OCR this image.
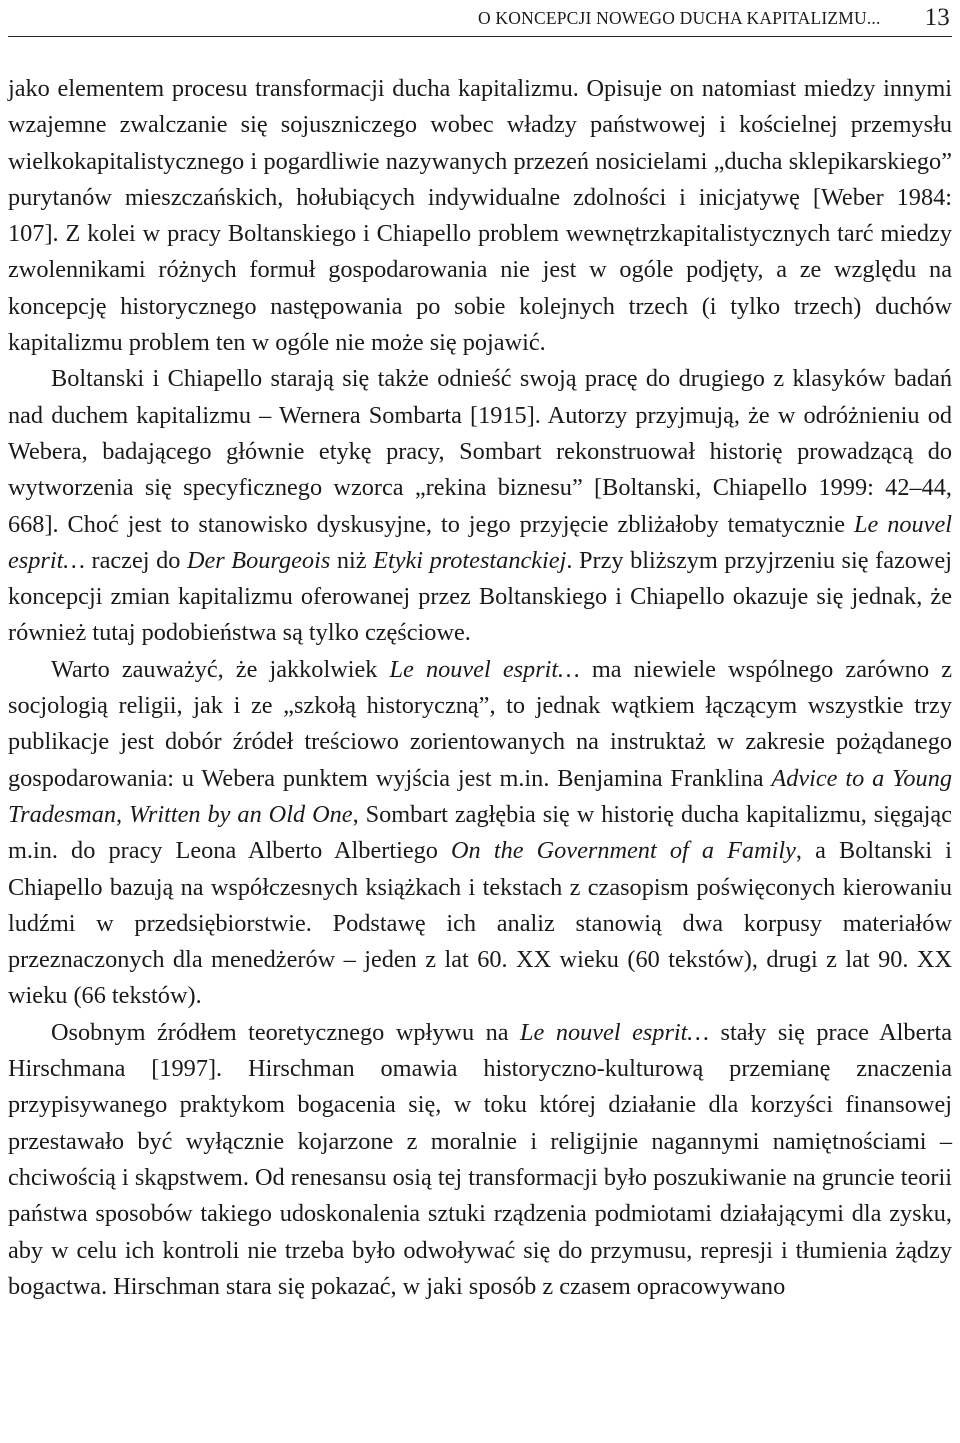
O KONCEPCJI NOWEGO DUCHA KAPITALIZMU... 13

jako elementem procesu transformacji ducha kapitalizmu. Opisuje on natomiast miedzy innymi wzajemne zwalczanie się sojuszniczego wobec władzy państwowej i kościelnej przemysłu wielkokapitalistycznego i pogardliwie nazywanych przezeń nosicielami „ducha sklepikarskiego” purytanów mieszczańskich, hołubiących indywidualne zdolności i inicjatywę [Weber 1984: 107]. Z kolei w pracy Boltanskiego i Chiapello problem wewnętrzkapitalistycznych tarć miedzy zwolennikami różnych formuł gospodarowania nie jest w ogóle podjęty, a ze względu na koncepcję historycznego następowania po sobie kolejnych trzech (i tylko trzech) duchów kapitalizmu problem ten w ogóle nie może się pojawić.

Boltanski i Chiapello starają się także odnieść swoją pracę do drugiego z klasyków badań nad duchem kapitalizmu – Wernera Sombarta [1915]. Autorzy przyjmują, że w odróżnieniu od Webera, badającego głównie etykę pracy, Sombart rekonstruował historię prowadzącą do wytworzenia się specyficznego wzorca „rekina biznesu” [Boltanski, Chiapello 1999: 42–44, 668]. Choć jest to stanowisko dyskusyjne, to jego przyjęcie zbliżałoby tematycznie Le nouvel esprit… raczej do Der Bourgeois niż Etyki protestanckiej. Przy bliższym przyjrzeniu się fazowej koncepcji zmian kapitalizmu oferowanej przez Boltanskiego i Chiapello okazuje się jednak, że również tutaj podobieństwa są tylko częściowe.

Warto zauważyć, że jakkolwiek Le nouvel esprit… ma niewiele wspólnego zarówno z socjologią religii, jak i ze „szkołą historyczną”, to jednak wątkiem łączącym wszystkie trzy publikacje jest dobór źródeł treściowo zorientowanych na instruktaż w zakresie pożądanego gospodarowania: u Webera punktem wyjścia jest m.in. Benjamina Franklina Advice to a Young Tradesman, Written by an Old One, Sombart zagłębia się w historię ducha kapitalizmu, sięgając m.in. do pracy Leona Alberto Albertiego On the Government of a Family, a Boltanski i Chiapello bazują na współczesnych książkach i tekstach z czasopism poświęconych kierowaniu ludźmi w przedsiębiorstwie. Podstawę ich analiz stanowią dwa korpusy materiałów przeznaczonych dla menedżerów – jeden z lat 60. XX wieku (60 tekstów), drugi z lat 90. XX wieku (66 tekstów).

Osobnym źródłem teoretycznego wpływu na Le nouvel esprit… stały się prace Alberta Hirschmana [1997]. Hirschman omawia historyczno-kulturową przemianę znaczenia przypisywanego praktykom bogacenia się, w toku której działanie dla korzyści finansowej przestawało być wyłącznie kojarzone z moralnie i religijnie nagannymi namiętnościami – chciwością i skąpstwem. Od renesansu osią tej transformacji było poszukiwanie na gruncie teorii państwa sposobów takiego udoskonalenia sztuki rządzenia podmiotami działającymi dla zysku, aby w celu ich kontroli nie trzeba było odwoływać się do przymusu, represji i tłumienia żądzy bogactwa. Hirschman stara się pokazać, w jaki sposób z czasem opracowywano
